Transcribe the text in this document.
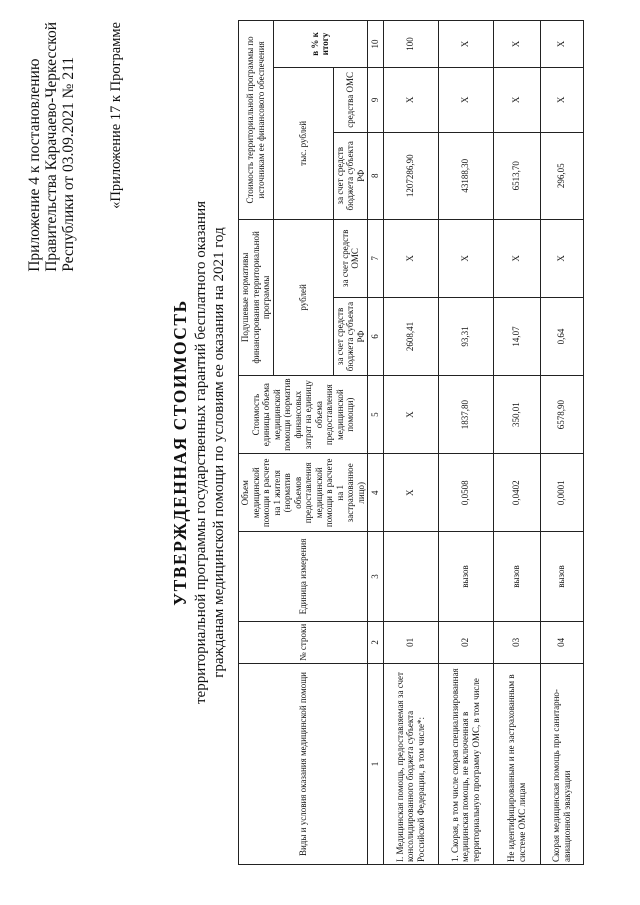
Приложение 4 к постановлению Правительства Карачаево-Черкесской Республики от 03.09.2021 № 211 «Приложение 17 к Программе
УТВЕРЖДЕННАЯ СТОИМОСТЬ территориальной программы государственных гарантий бесплатного оказания гражданам медицинской помощи по условиям ее оказания на 2021 год
Виды и условия оказания медицинской помощи	№ строки	Единица измерения	Объем медицинской помощи в расчете на 1 жителя (норматив объемов предоставления медицинской помощи в расчете на 1 застрахованное лицо)	Стоимость единицы объема медицинской помощи (норматив финансовых затрат на единицу объема предоставления медицинской помощи)	Подушевые нормативы финансирования территориальной программы		Стоимость территориальной программы по источникам ее финансового обеспечения		
					рублей		тыс. рублей		в % к итогу
					за счет средств бюджета субъекта РФ	за счет средств ОМС	за счет средств бюджета субъекта РФ	средства ОМС	
1	2	3	4	5	6	7	8	9	10
I. Медицинская помощь, предоставляемая за счет консолидированного бюджета субъекта Российской Федерации, в том числе*:	01		X	X	2608,41	X	1207286,90	X	100
1. Скорая, в том числе скорая специализированная медицинская помощь, не включенная в территориальную программу ОМС, в том числе	02	вызов	0,0508	1837,80	93,31	X	43188,30	X	X
Не идентифицированным и не застрахованным в системе ОМС лицам	03	вызов	0,0402	350,01	14,07	X	6513,70	X	X
Скорая медицинская помощь при санитарно-авиационной эвакуации	04	вызов	0,0001	6578,90	0,64	X	296,05	X	X
